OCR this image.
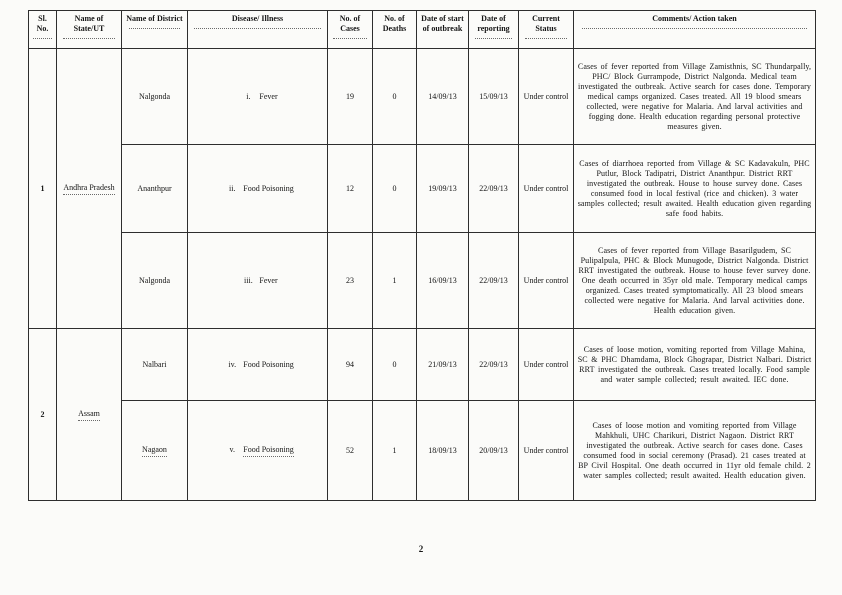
Sl. No.	Name of State/UT	Name of District	Disease/ Illness	No. of Cases	No. of Deaths	Date of start of outbreak	Date of reporting	Current Status	Comments/ Action taken

1	Andhra Pradesh	Nalgonda	i. Fever	19	0	14/09/13	15/09/13	Under control	Cases of fever reported from Village Zamisthnis, SC Thundarpally, PHC/ Block Gurrampode, District Nalgonda. Medical team investigated the outbreak. Active search for cases done. Temporary medical camps organized. Cases treated. All 19 blood smears collected, were negative for Malaria. And larval activities and fogging done. Health education regarding personal protective measures given.
		Ananthpur	ii. Food Poisoning	12	0	19/09/13	22/09/13	Under control	Cases of diarrhoea reported from Village & SC Kadavakuln, PHC Putlur, Block Tadipatri, District Ananthpur. District RRT investigated the outbreak. House to house survey done. Cases consumed food in local festival (rice and chicken). 3 water samples collected; result awaited. Health education given regarding safe food habits.
		Nalgonda	iii. Fever	23	1	16/09/13	22/09/13	Under control	Cases of fever reported from Village Basarilgudem, SC Pulipalpula, PHC & Block Munugode, District Nalgonda. District RRT investigated the outbreak. House to house fever survey done. One death occurred in 35yr old male. Temporary medical camps organized. Cases treated symptomatically. All 23 blood smears collected were negative for Malaria. And larval activities done. Health education given.
2	Assam	Nalbari	iv. Food Poisoning	94	0	21/09/13	22/09/13	Under control	Cases of loose motion, vomiting reported from Village Mahina, SC & PHC Dhamdama, Block Ghograpar, District Nalbari. District RRT investigated the outbreak. Cases treated locally. Food sample and water sample collected; result awaited. IEC done.
		Nagaon	v. Food Poisoning	52	1	18/09/13	20/09/13	Under control	Cases of loose motion and vomiting reported from Village Mahkhuli, UHC Charikuri, District Nagaon. District RRT investigated the outbreak. Active search for cases done. Cases consumed food in social ceremony (Prasad). 21 cases treated at BP Civil Hospital. One death occurred in 11yr old female child. 2 water samples collected; result awaited. Health education given.
2
